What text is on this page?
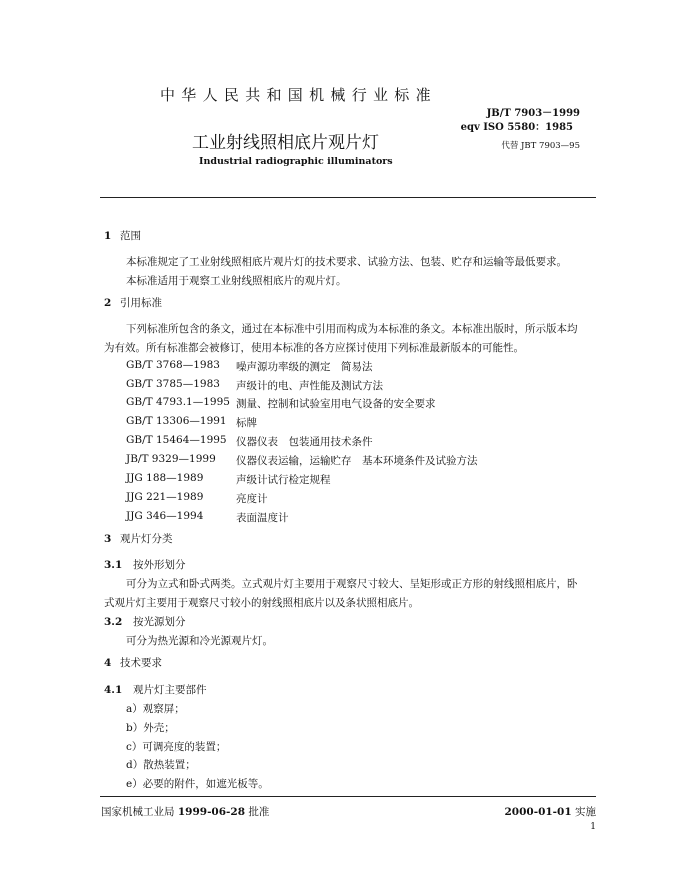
中华人民共和国机械行业标准
JB/T 7903－1999
eqv ISO 5580：1985
工业射线照相底片观片灯	代替 JBT 7903—95
Industrial radiographic illuminators
1 范围
本标准规定了工业射线照相底片观片灯的技术要求、试验方法、包装、贮存和运输等最低要求。
本标准适用于观察工业射线照相底片的观片灯。
2 引用标准
下列标准所包含的条文，通过在本标准中引用而构成为本标准的条文。本标准出版时，所示版本均
为有效。所有标准都会被修订，使用本标准的各方应探讨使用下列标准最新版本的可能性。
GB/T 3768—1983 噪声源功率级的测定　简易法
GB/T 3785—1983 声级计的电、声性能及测试方法
GB/T 4793.1—1995 测量、控制和试验室用电气设备的安全要求
GB/T 13306—1991 标牌
GB/T 15464—1995 仪器仪表　包装通用技术条件
JB/T 9329—1999 仪器仪表运输，运输贮存　基本环境条件及试验方法
JJG 188—1989	声级计试行检定规程
JJG 221—1989	亮度计
JJG 346—1994	表面温度计
3 观片灯分类
3.1 按外形划分
可分为立式和卧式两类。立式观片灯主要用于观察尺寸较大、呈矩形或正方形的射线照相底片，卧
式观片灯主要用于观察尺寸较小的射线照相底片以及条状照相底片。
3.2 按光源划分
可分为热光源和冷光源观片灯。
4 技术要求
4.1 观片灯主要部件
a）观察屏；
b）外壳；
c）可调亮度的装置；
d）散热装置；
e）必要的附件，如遮光板等。
国家机械工业局 1999-06-28 批准	2000-01-01 实施
1
